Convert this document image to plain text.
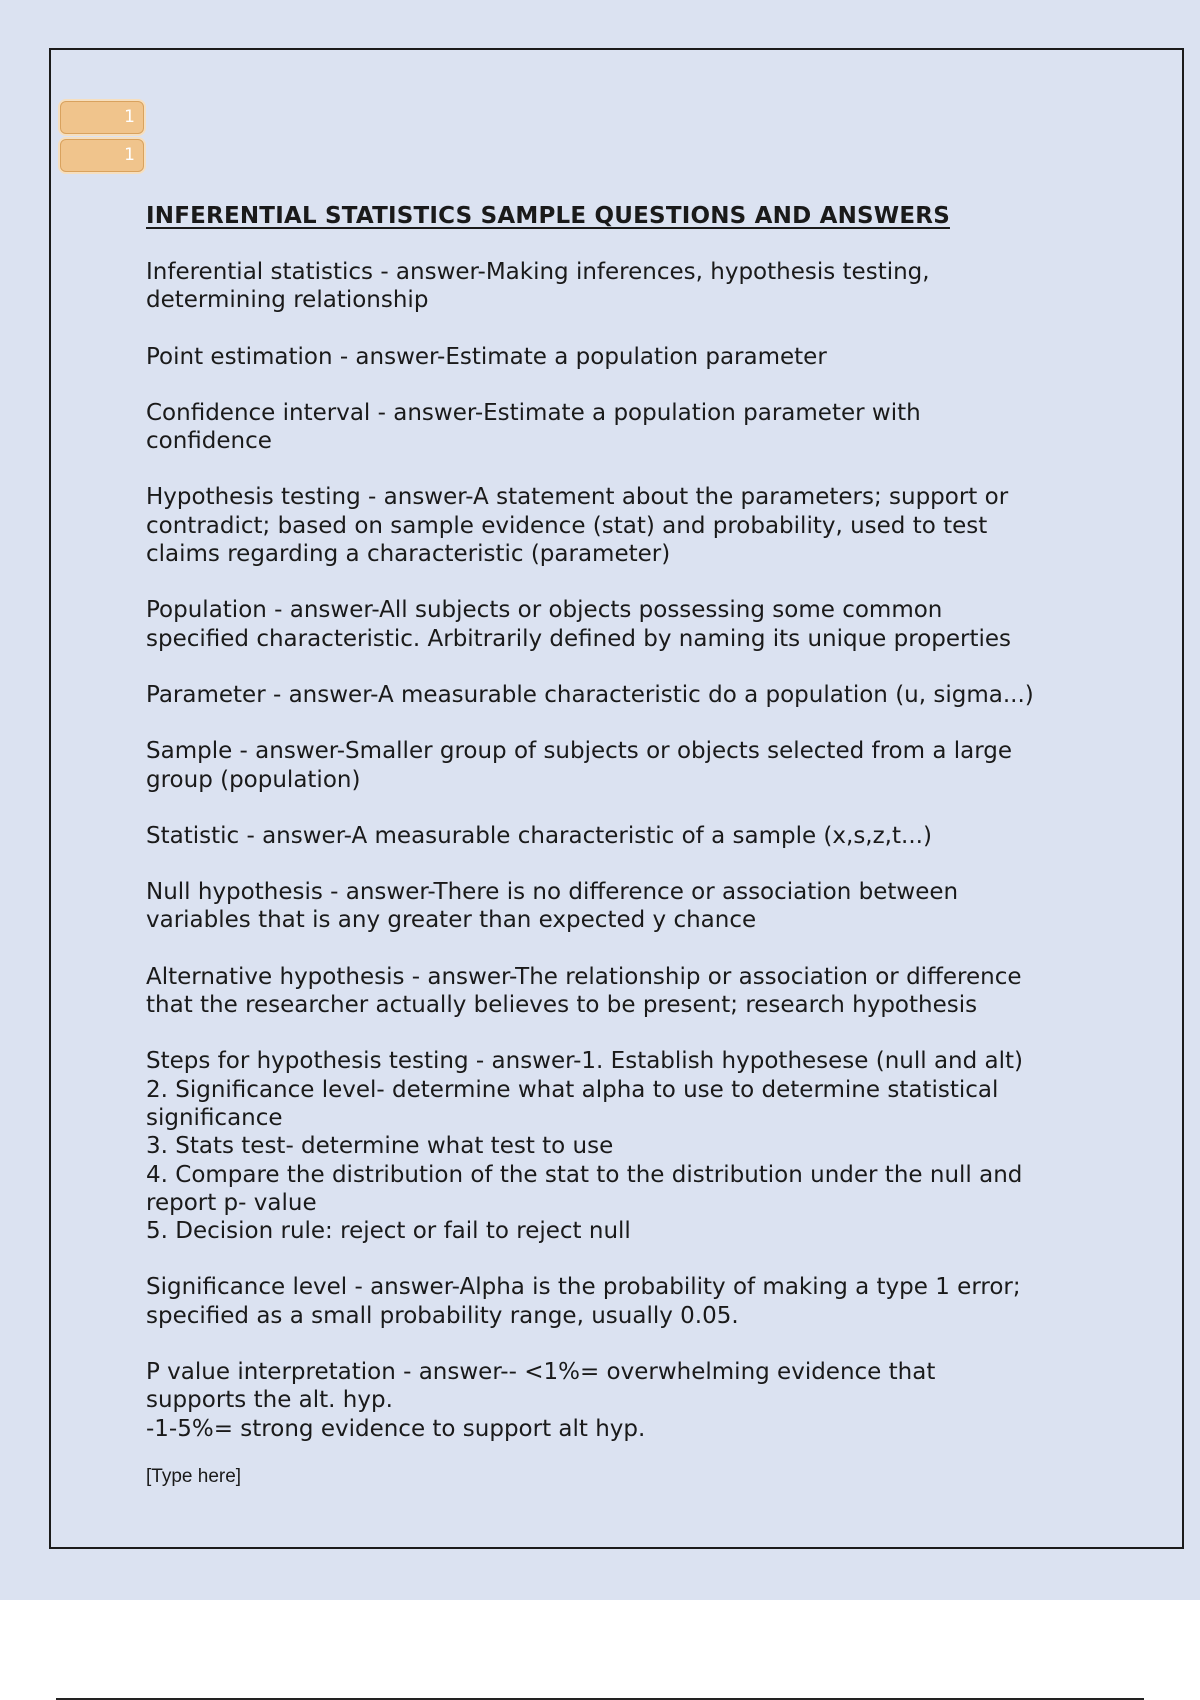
1
1
INFERENTIAL STATISTICS SAMPLE QUESTIONS AND ANSWERS
Inferential statistics - answer-Making inferences, hypothesis testing,
determining relationship
Point estimation - answer-Estimate a population parameter
Confidence interval - answer-Estimate a population parameter with
confidence
Hypothesis testing - answer-A statement about the parameters; support or
contradict; based on sample evidence (stat) and probability, used to test
claims regarding a characteristic (parameter)
Population - answer-All subjects or objects possessing some common
specified characteristic. Arbitrarily defined by naming its unique properties
Parameter - answer-A measurable characteristic do a population (u, sigma...)
Sample - answer-Smaller group of subjects or objects selected from a large
group (population)
Statistic - answer-A measurable characteristic of a sample (x,s,z,t...)
Null hypothesis - answer-There is no difference or association between
variables that is any greater than expected y chance
Alternative hypothesis - answer-The relationship or association or difference
that the researcher actually believes to be present; research hypothesis
Steps for hypothesis testing - answer-1. Establish hypothesese (null and alt)
2. Significance level- determine what alpha to use to determine statistical
significance
3. Stats test- determine what test to use
4. Compare the distribution of the stat to the distribution under the null and
report p- value
5. Decision rule: reject or fail to reject null
Significance level - answer-Alpha is the probability of making a type 1 error;
specified as a small probability range, usually 0.05.
P value interpretation - answer-- <1%= overwhelming evidence that
supports the alt. hyp.
-1-5%= strong evidence to support alt hyp.
[Type here]
